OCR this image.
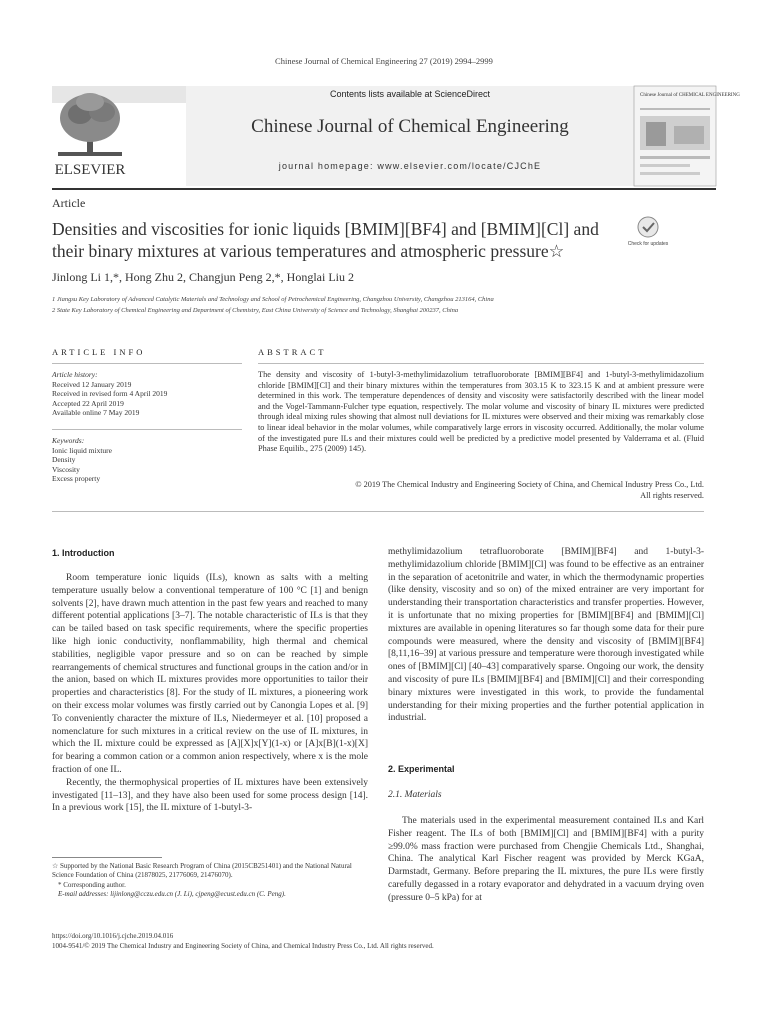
Chinese Journal of Chemical Engineering 27 (2019) 2994–2999
ELSEVIER
Contents lists available at ScienceDirect
Chinese Journal of Chemical Engineering
journal homepage: www.elsevier.com/locate/CJChE
Chinese Journal of CHEMICAL ENGINEERING
Article
Densities and viscosities for ionic liquids [BMIM][BF4] and [BMIM][Cl] and
their binary mixtures at various temperatures and atmospheric pressure☆	Check for updates
Jinlong Li 1,*, Hong Zhu 2, Changjun Peng 2,*, Honglai Liu 2
1 Jiangsu Key Laboratory of Advanced Catalytic Materials and Technology and School of Petrochemical Engineering, Changzhou University, Changzhou 213164, China
2 State Key Laboratory of Chemical Engineering and Department of Chemistry, East China University of Science and Technology, Shanghai 200237, China
ARTICLE INFO	ABSTRACT
Article history:
Received 12 January 2019
Received in revised form 4 April 2019
Accepted 22 April 2019
Available online 7 May 2019
Keywords:
Ionic liquid mixture
Density
Viscosity
Excess property
The density and viscosity of 1-butyl-3-methylimidazolium tetrafluoroborate [BMIM][BF4] and 1-butyl-3-methylimidazolium chloride [BMIM][Cl] and their binary mixtures within the temperatures from 303.15 K to 323.15 K and at ambient pressure were determined in this work. The temperature dependences of density and viscosity were satisfactorily described with the linear model and the Vogel-Tammann-Fulcher type equation, respectively. The molar volume and viscosity of binary IL mixtures were predicted through ideal mixing rules showing that almost null deviations for IL mixtures were observed and their mixing was remarkably close to linear ideal behavior in the molar volumes, while comparatively large errors in viscosity occurred. Additionally, the molar volume of the investigated pure ILs and their mixtures could well be predicted by a predictive model presented by Valderrama et al. (Fluid Phase Equilib., 275 (2009) 145).
© 2019 The Chemical Industry and Engineering Society of China, and Chemical Industry Press Co., Ltd.
All rights reserved.
1. Introduction

Room temperature ionic liquids (ILs), known as salts with a melting temperature usually below a conventional temperature of 100 °C [1] and benign solvents [2], have drawn much attention in the past few years and reached to many different potential applications [3–7]. The notable characteristic of ILs is that they can be tailed based on task specific requirements, where the specific properties like high ionic conductivity, nonflammability, high thermal and chemical stabilities, negligible vapor pressure and so on can be reached by simple rearrangements of chemical structures and functional groups in the cation and/or in the anion, based on which IL mixtures provides more opportunities to tailor their properties and characteristics [8]. For the study of IL mixtures, a pioneering work on their excess molar volumes was firstly carried out by Canongia Lopes et al. [9] To conveniently character the mixture of ILs, Niedermeyer et al. [10] proposed a nomenclature for such mixtures in a critical review on the use of IL mixtures, in which the IL mixture could be expressed as [A][X]x[Y](1-x) or [A]x[B](1-x)[X] for bearing a common cation or a common anion respectively, where x is the mole fraction of one IL.

Recently, the thermophysical properties of IL mixtures have been extensively investigated [11–13], and they have also been used for some process design [14]. In a previous work [15], the IL mixture of 1-butyl-3-

methylimidazolium tetrafluoroborate [BMIM][BF4] and 1-butyl-3-methylimidazolium chloride [BMIM][Cl] was found to be effective as an entrainer in the separation of acetonitrile and water, in which the thermodynamic properties (like density, viscosity and so on) of the mixed entrainer are very important for understanding their transportation characteristics and transfer properties. However, it is unfortunate that no mixing properties for [BMIM][BF4] and [BMIM][Cl] mixtures are available in opening literatures so far though some data for their pure compounds were measured, where the density and viscosity of [BMIM][BF4] [8,11,16–39] at various pressure and temperature were thorough investigated while ones of [BMIM][Cl] [40–43] comparatively sparse. Ongoing our work, the density and viscosity of pure ILs [BMIM][BF4] and [BMIM][Cl] and their corresponding binary mixtures were investigated in this work, to provide the fundamental understanding for their mixing properties and the further potential application in industrial.

2. Experimental
2.1. Materials

The materials used in the experimental measurement contained ILs and Karl Fisher reagent. The ILs of both [BMIM][Cl] and [BMIM][BF4] with a purity ≥99.0% mass fraction were purchased from Chengjie Chemicals Ltd., Shanghai, China. The analytical Karl Fischer reagent was provided by Merck KGaA, Darmstadt, Germany. Before preparing the IL mixtures, the pure ILs were firstly carefully degassed in a rotary evaporator and dehydrated in a vacuum drying oven (pressure 0–5 kPa) for at

☆ Supported by the National Basic Research Program of China (2015CB251401) and the National Natural Science Foundation of China (21878025, 21776069, 21476070).
* Corresponding author.
E-mail addresses: lijinlong@cczu.edu.cn (J. Li), cjpeng@ecust.edu.cn (C. Peng).
https://doi.org/10.1016/j.cjche.2019.04.016
1004-9541/© 2019 The Chemical Industry and Engineering Society of China, and Chemical Industry Press Co., Ltd. All rights reserved.
